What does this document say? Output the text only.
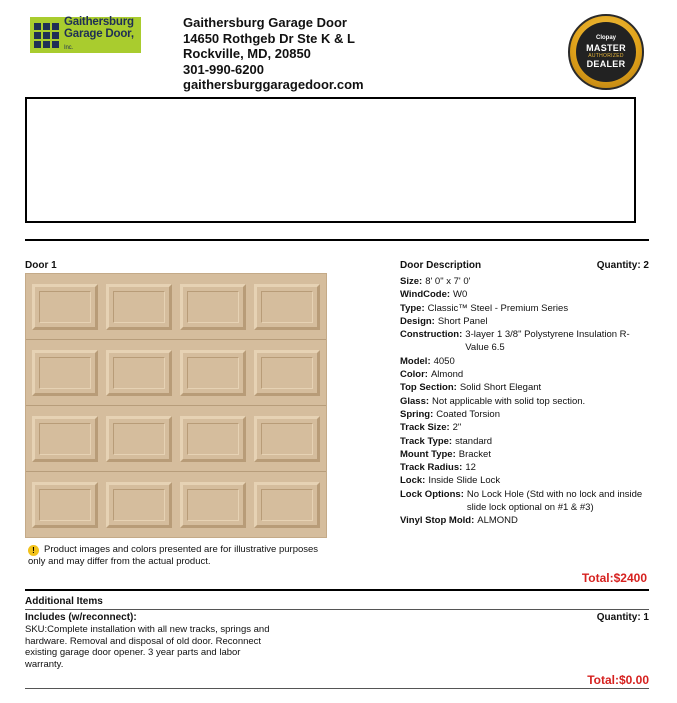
Gaithersburg
Garage Door, Inc.
Gaithersburg Garage Door
14650 Rothgeb Dr Ste K & L
Rockville, MD, 20850
301-990-6200
gaithersburggaragedoor.com
Clopay
MASTER
AUTHORIZED
DEALER
Door 1
! Product images and colors presented are for illustrative purposes only and may differ from the actual product.
Door Description	Quantity: 2
Size: 8' 0" x 7' 0'
WindCode: W0
Type: Classic™ Steel - Premium Series
Design: Short Panel
Construction: 3-layer 1 3/8" Polystyrene Insulation R-Value 6.5
Model: 4050
Color: Almond
Top Section: Solid Short Elegant
Glass: Not applicable with solid top section.
Spring: Coated Torsion
Track Size: 2"
Track Type: standard
Mount Type: Bracket
Track Radius: 12
Lock: Inside Slide Lock
Lock Options: No Lock Hole (Std with no lock and inside slide lock optional on #1 & #3)
Vinyl Stop Mold: ALMOND
Total:$2400
Additional Items
Includes (w/reconnect):	Quantity: 1
SKU:Complete installation with all new tracks, springs and hardware. Removal and disposal of old door. Reconnect existing garage door opener. 3 year parts and labor warranty.
Total:$0.00
